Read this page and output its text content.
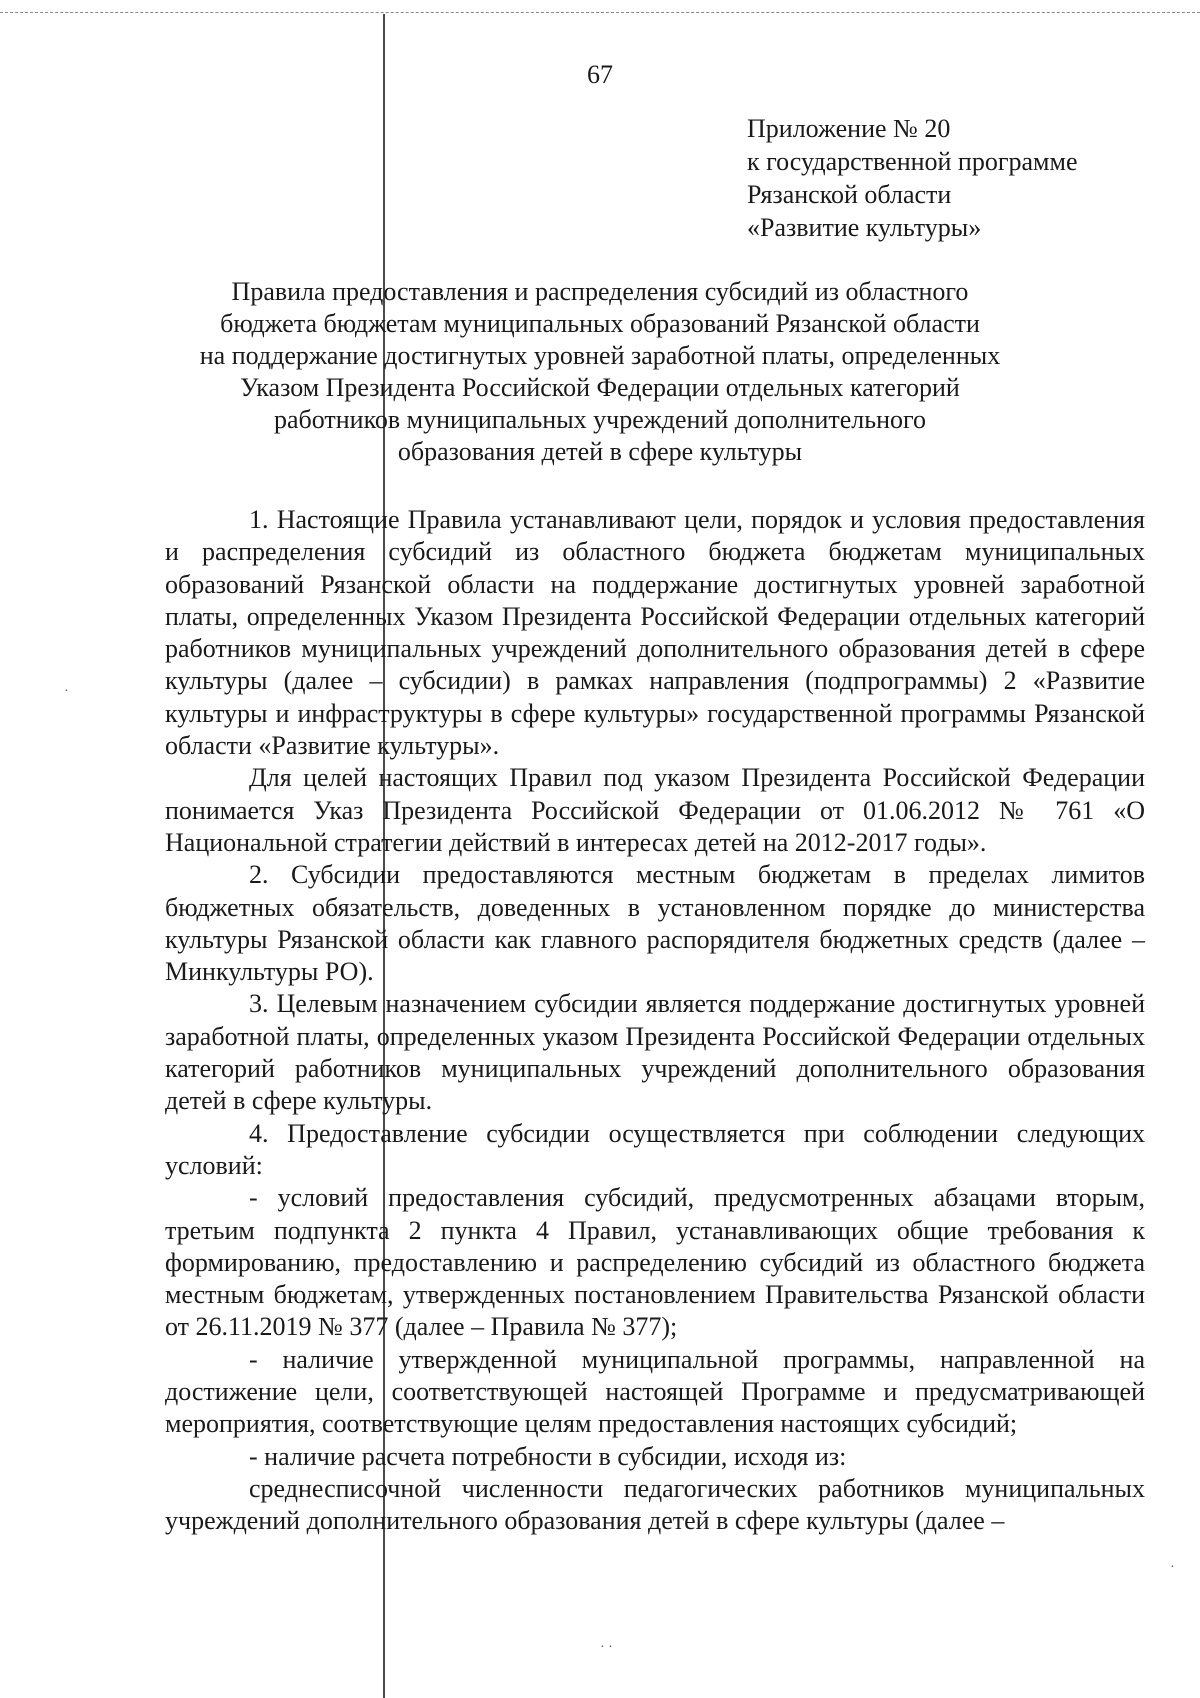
67

Приложение № 20
к государственной программе
Рязанской области
«Развитие культуры»
Правила предоставления и распределения субсидий из областного
бюджета бюджетам муниципальных образований Рязанской области
на поддержание достигнутых уровней заработной платы, определенных
Указом Президента Российской Федерации отдельных категорий
работников муниципальных учреждений дополнительного
образования детей в сфере культуры

1. Настоящие Правила устанавливают цели, порядок и условия предоставления и распределения субсидий из областного бюджета бюджетам муниципальных образований Рязанской области на поддержание достигнутых уровней заработной платы, определенных Указом Президента Российской Федерации отдельных категорий работников муниципальных учреждений дополнительного образования детей в сфере культуры (далее – субсидии) в рамках направления (подпрограммы) 2 «Развитие культуры и инфраструктуры в сфере культуры» государственной программы Рязанской области «Развитие культуры».

Для целей настоящих Правил под указом Президента Российской Федерации понимается Указ Президента Российской Федерации от 01.06.2012 № 761 «О Национальной стратегии действий в интересах детей на 2012-2017 годы».

2. Субсидии предоставляются местным бюджетам в пределах лимитов бюджетных обязательств, доведенных в установленном порядке до министерства культуры Рязанской области как главного распорядителя бюджетных средств (далее – Минкультуры РО).

3. Целевым назначением субсидии является поддержание достигнутых уровней заработной платы, определенных указом Президента Российской Федерации отдельных категорий работников муниципальных учреждений дополнительного образования детей в сфере культуры.

4. Предоставление субсидии осуществляется при соблюдении следующих условий:

- условий предоставления субсидий, предусмотренных абзацами вторым, третьим подпункта 2 пункта 4 Правил, устанавливающих общие требования к формированию, предоставлению и распределению субсидий из областного бюджета местным бюджетам, утвержденных постановлением Правительства Рязанской области от 26.11.2019 № 377 (далее – Правила № 377);

- наличие утвержденной муниципальной программы, направленной на достижение цели, соответствующей настоящей Программе и предусматривающей мероприятия, соответствующие целям предоставления настоящих субсидий;

- наличие расчета потребности в субсидии, исходя из:

среднесписочной численности педагогических работников муниципальных учреждений дополнительного образования детей в сфере культуры (далее –

·
·
· ·
